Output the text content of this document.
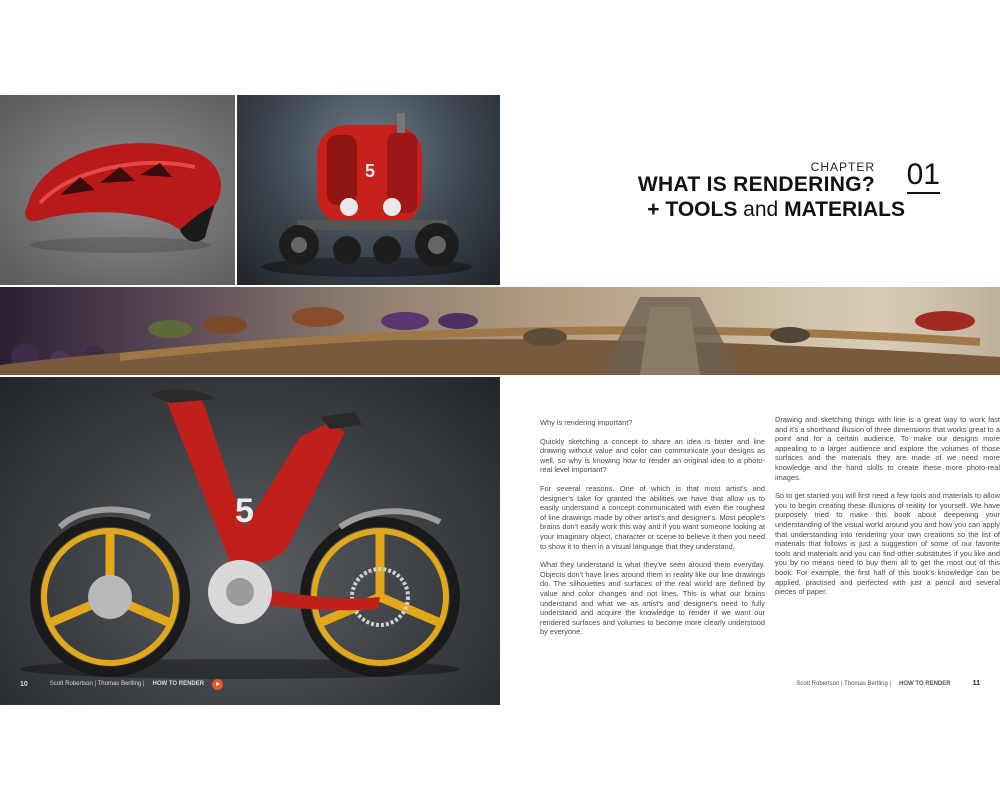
5
5
10	Scott Robertson | Thomas Bertling | HOW TO RENDER
CHAPTER
WHAT IS RENDERING?
+ TOOLS and MATERIALS
01

Why is rendering important?

Quickly sketching a concept to share an idea is faster and line drawing without value and color can communicate your designs as well, so why is knowing how to render an original idea to a photo-real level important?

For several reasons. One of which is that most artist's and designer's take for granted the abilities we have that allow us to easily understand a concept communicated with even the roughest of line drawings made by other artist's and designer's. Most people's brains don't easily work this way and if you want someone looking at your imaginary object, character or scene to believe it then you need to show it to then in a visual language that they understand.

What they understand is what they've seen around them everyday. Objects don't have lines around them in reality like our line drawings do. The silhouettes and surfaces of the real world are defined by value and color changes and not lines. This is what our brains understand and what we as artist's and designer's need to fully understand and acquire the knowledge to render if we want our rendered surfaces and volumes to become more clearly understood by everyone.

Drawing and sketching things with line is a great way to work fast and it's a shorthand illusion of three dimensions that works great to a point and for a certain audience. To make our designs more appealing to a larger audience and explore the volumes of those surfaces and the materials they are made of we need more knowledge and the hand skills to create these more photo-real images.

So to get started you will first need a few tools and materials to allow you to begin creating these illusions of reality for yourself. We have purposely tried to make this book about deepening your understanding of the visual world around you and how you can apply that understanding into rendering your own creations so the list of materials that follows is just a suggestion of some of our favorite tools and materials and you can find other substitutes if you like and you by no means need to buy them all to get the most out of this book. For example, the first half of this book's knowledge can be applied, practised and perfected with just a pencil and several pieces of paper.

Scott Robertson | Thomas Bertling | HOW TO RENDER	11
